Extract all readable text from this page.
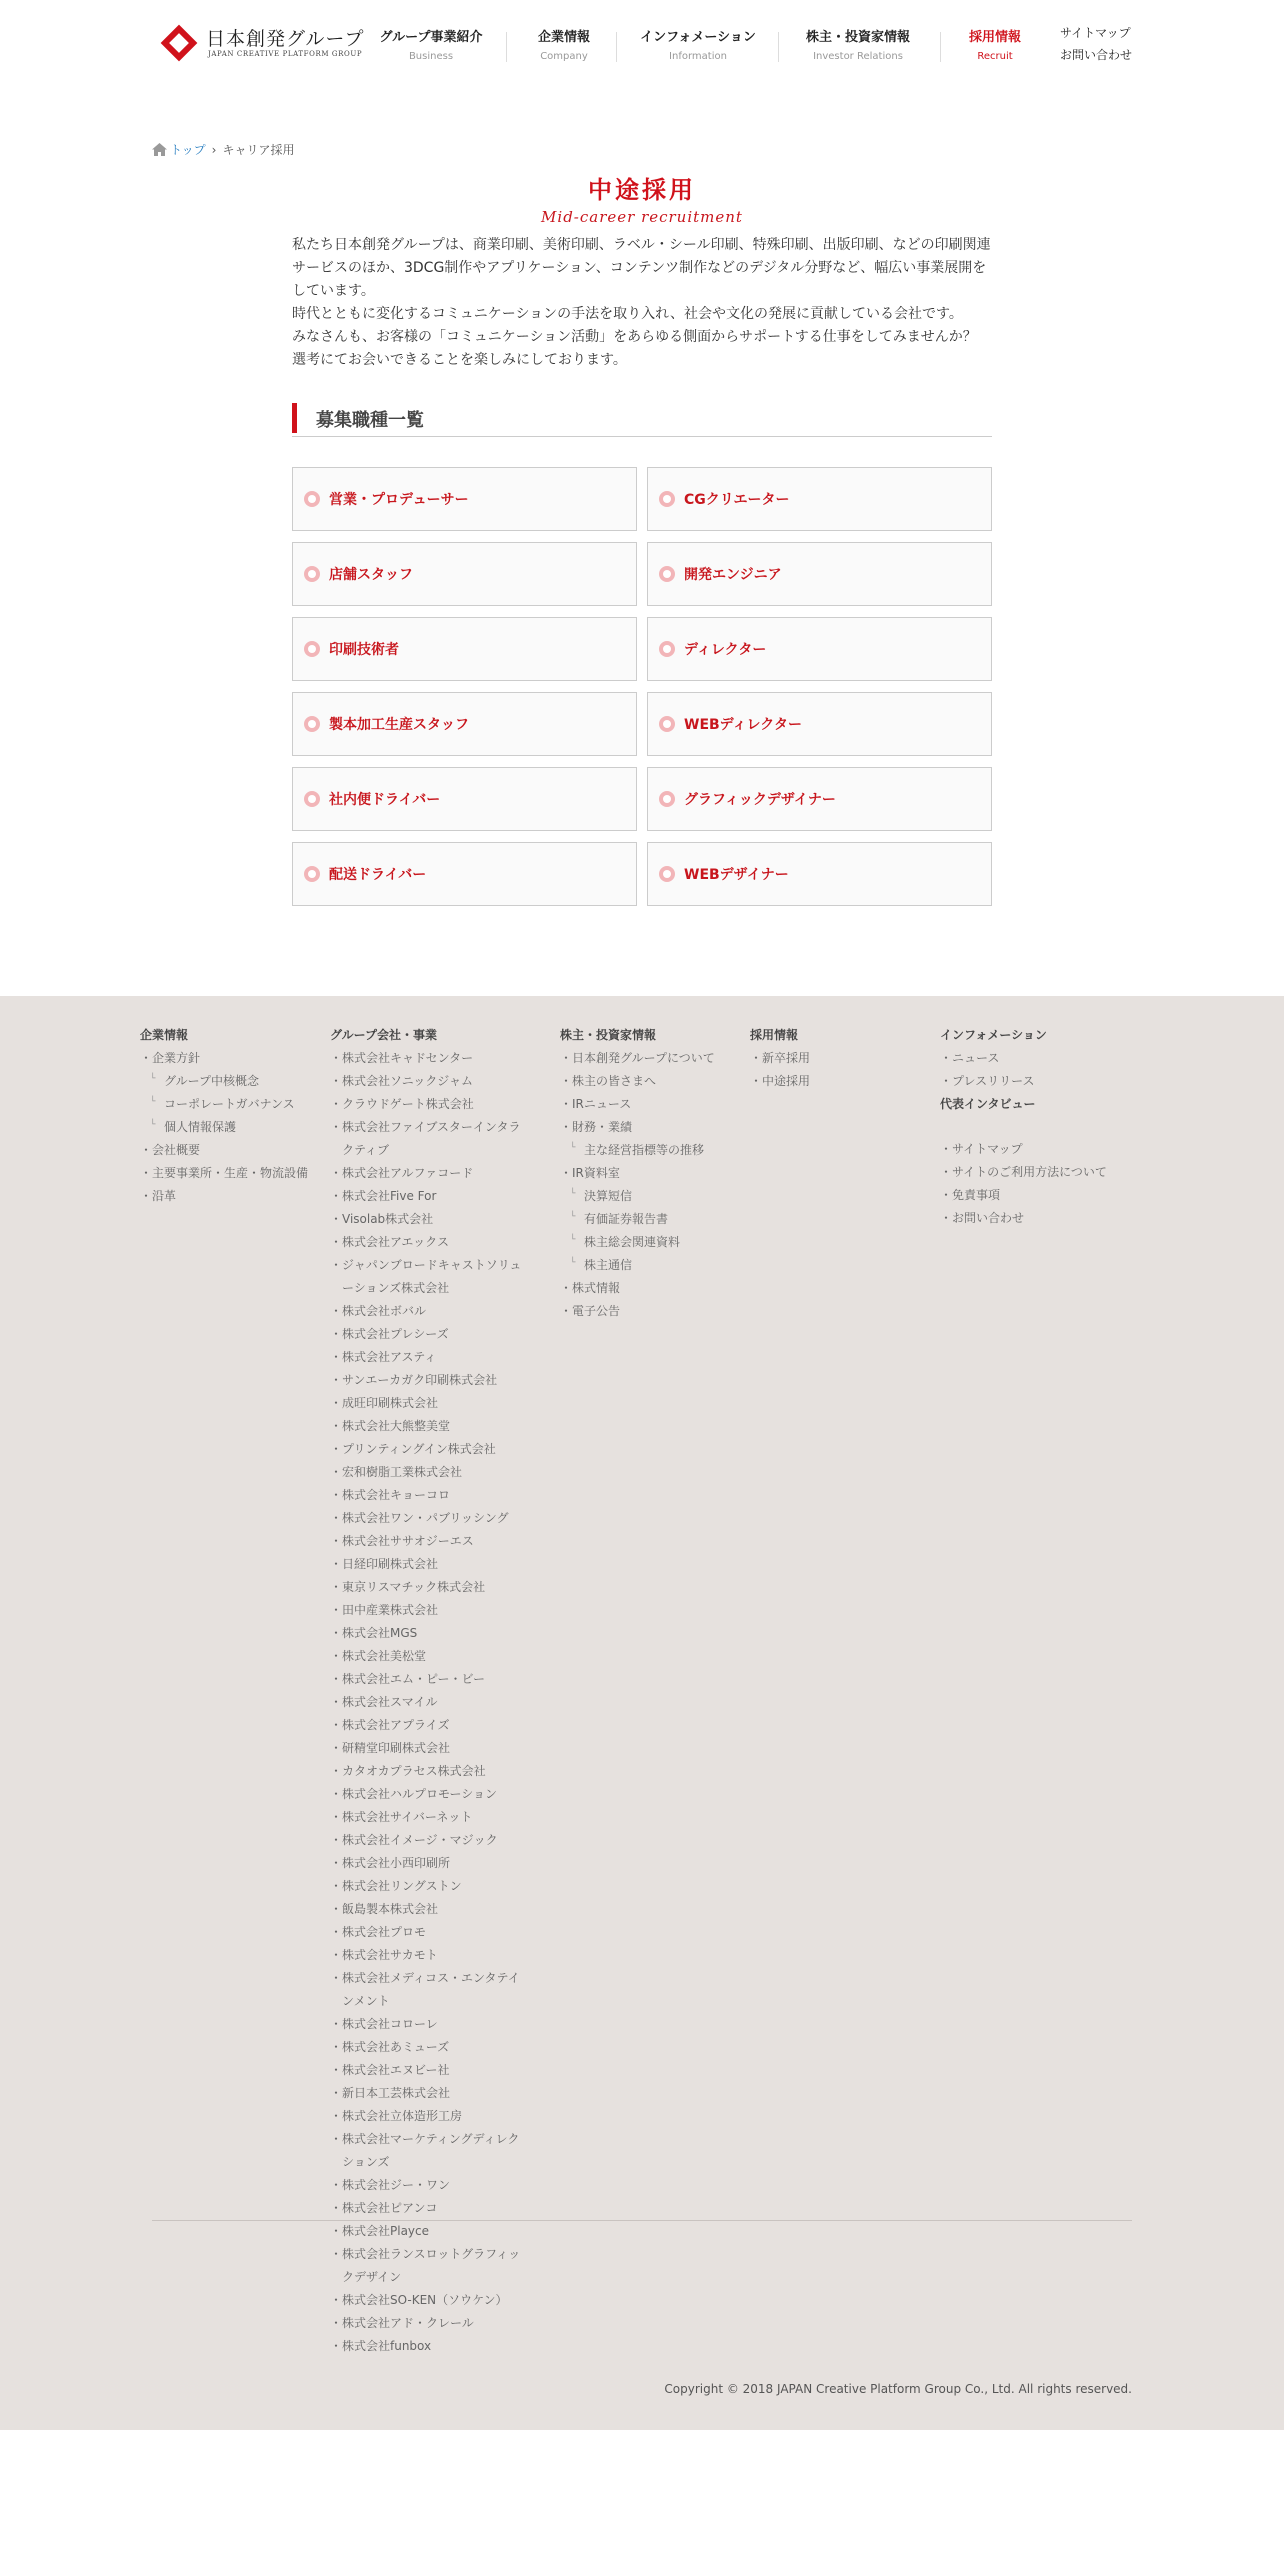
日本創発グループ
JAPAN CREATIVE PLATFORM GROUP
グループ事業紹介
Business
企業情報
Company
インフォメーション
Information
株主・投資家情報
Investor Relations
採用情報
Recruit
サイトマップ
お問い合わせ
トップ › キャリア採用
中途採用
Mid-career recruitment

私たち日本創発グループは、商業印刷、美術印刷、ラベル・シール印刷、特殊印刷、出版印刷、などの印刷関連サービスのほか、3DCG制作やアプリケーション、コンテンツ制作などのデジタル分野など、幅広い事業展開をしています。

時代とともに変化するコミュニケーションの手法を取り入れ、社会や文化の発展に貢献している会社です。

みなさんも、お客様の「コミュニケーション活動」をあらゆる側面からサポートする仕事をしてみませんか？

選考にてお会いできることを楽しみにしております。

募集職種一覧
営業・プロデューサー	CGクリエーター
店舗スタッフ	開発エンジニア
印刷技術者	ディレクター
製本加工生産スタッフ	WEBディレクター
社内便ドライバー	グラフィックデザイナー
配送ドライバー	WEBデザイナー
企業情報
・ 企業方針
└ グループ中核概念
└ コーポレートガバナンス
└ 個人情報保護
・ 会社概要
・ 主要事業所・生産・物流設備
・ 沿革
グループ会社・事業
・ 株式会社キャドセンター
・ 株式会社ソニックジャム
・ クラウドゲート株式会社
・ 株式会社ファイブスターインタラクティブ
・ 株式会社アルファコード
・ 株式会社Five For
・ Visolab株式会社
・ 株式会社アエックス
・ ジャパンブロードキャストソリューションズ株式会社
・ 株式会社ボバル
・ 株式会社プレシーズ
・ 株式会社アスティ
・ サンエーカガク印刷株式会社
・ 成旺印刷株式会社
・ 株式会社大熊整美堂
・ プリンティングイン株式会社
・ 宏和樹脂工業株式会社
・ 株式会社キョーコロ
・ 株式会社ワン・パブリッシング
・ 株式会社ササオジーエス
・ 日経印刷株式会社
・ 東京リスマチック株式会社
・ 田中産業株式会社
・ 株式会社MGS
・ 株式会社美松堂
・ 株式会社エム・ピー・ビー
・ 株式会社スマイル
・ 株式会社アプライズ
・ 研精堂印刷株式会社
・ カタオカプラセス株式会社
・ 株式会社ハルプロモーション
・ 株式会社サイバーネット
・ 株式会社イメージ・マジック
・ 株式会社小西印刷所
・ 株式会社リングストン
・ 飯島製本株式会社
・ 株式会社プロモ
・ 株式会社サカモト
・ 株式会社メディコス・エンタテインメント
・ 株式会社コローレ
・ 株式会社あミューズ
・ 株式会社エヌビー社
・ 新日本工芸株式会社
・ 株式会社立体造形工房
・ 株式会社マーケティングディレクションズ
・ 株式会社ジー・ワン
・ 株式会社ピアンコ
・ 株式会社Playce
・ 株式会社ランスロットグラフィックデザイン
・ 株式会社SO-KEN（ソウケン）
・ 株式会社アド・クレール
・ 株式会社funbox
株主・投資家情報
・ 日本創発グループについて
・ 株主の皆さまへ
・ IRニュース
・ 財務・業績
└ 主な経営指標等の推移
・ IR資料室
└ 決算短信
└ 有価証券報告書
└ 株主総会関連資料
└ 株主通信
・ 株式情報
・ 電子公告
採用情報
・ 新卒採用
・ 中途採用
インフォメーション
・ ニュース
・ プレスリリース
代表インタビュー
・ サイトマップ
・ サイトのご利用方法について
・ 免責事項
・ お問い合わせ
Copyright © 2018 JAPAN Creative Platform Group Co., Ltd. All rights reserved.
